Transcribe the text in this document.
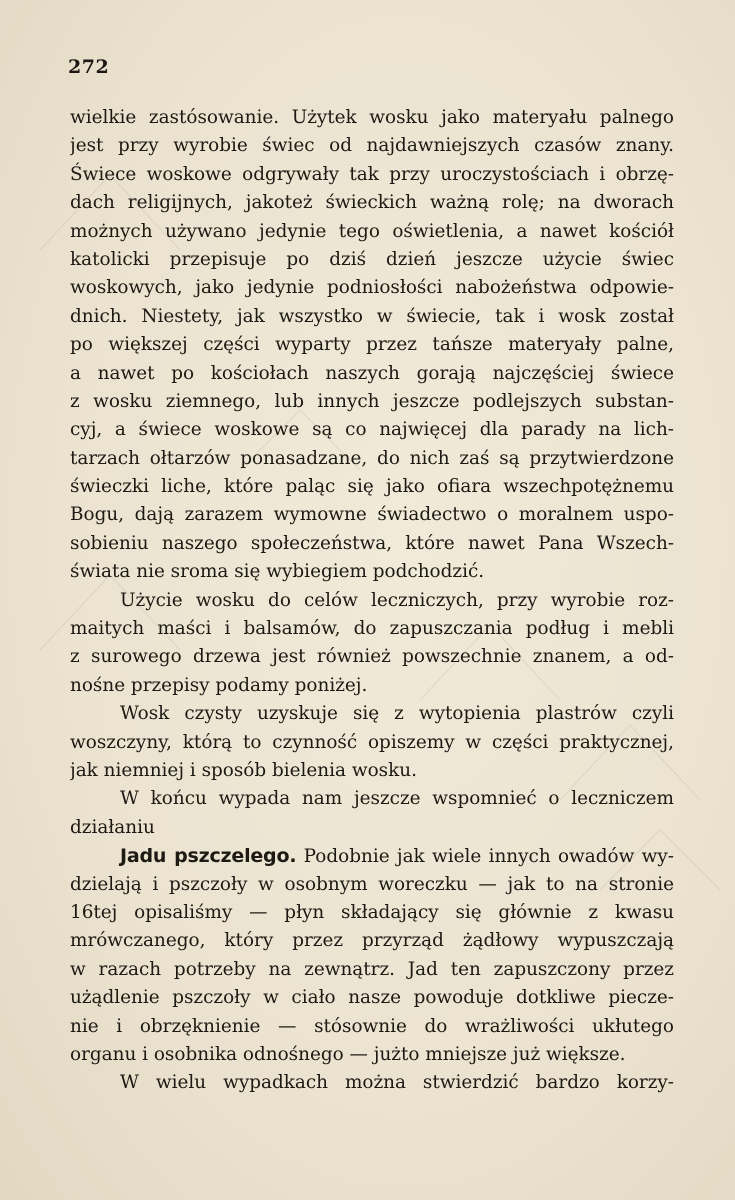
272
wielkie zastósowanie. Użytek wosku jako materyału palnego
jest przy wyrobie świec od najdawniejszych czasów znany.
Świece woskowe odgrywały tak przy uroczystościach i obrzę-
dach religijnych, jakoteż świeckich ważną rolę; na dworach
możnych używano jedynie tego oświetlenia, a nawet kościół
katolicki przepisuje po dziś dzień jeszcze użycie świec
woskowych, jako jedynie podniosłości nabożeństwa odpowie-
dnich. Niestety, jak wszystko w świecie, tak i wosk został
po większej części wyparty przez tańsze materyały palne,
a nawet po kościołach naszych gorają najczęściej świece
z wosku ziemnego, lub innych jeszcze podlejszych substan-
cyj, a świece woskowe są co najwięcej dla parady na lich-
tarzach ołtarzów ponasadzane, do nich zaś są przytwierdzone
świeczki liche, które paląc się jako ofiara wszechpotężnemu
Bogu, dają zarazem wymowne świadectwo o moralnem uspo-
sobieniu naszego społeczeństwa, które nawet Pana Wszech-
świata nie sroma się wybiegiem podchodzić.
Użycie wosku do celów leczniczych, przy wyrobie roz-
maitych maści i balsamów, do zapuszczania podług i mebli
z surowego drzewa jest również powszechnie znanem, a od-
nośne przepisy podamy poniżej.
Wosk czysty uzyskuje się z wytopienia plastrów czyli
woszczyny, którą to czynność opiszemy w części praktycznej,
jak niemniej i sposób bielenia wosku.
W końcu wypada nam jeszcze wspomnieć o leczniczem
działaniu
Jadu pszczelego. Podobnie jak wiele innych owadów wy-
dzielają i pszczoły w osobnym woreczku — jak to na stronie
16tej opisaliśmy — płyn składający się głównie z kwasu
mrówczanego, który przez przyrząd żądłowy wypuszczają
w razach potrzeby na zewnątrz. Jad ten zapuszczony przez
użądlenie pszczoły w ciało nasze powoduje dotkliwe piecze-
nie i obrzęknienie — stósownie do wrażliwości ukłutego
organu i osobnika odnośnego — jużto mniejsze już większe.
W wielu wypadkach można stwierdzić bardzo korzy-
